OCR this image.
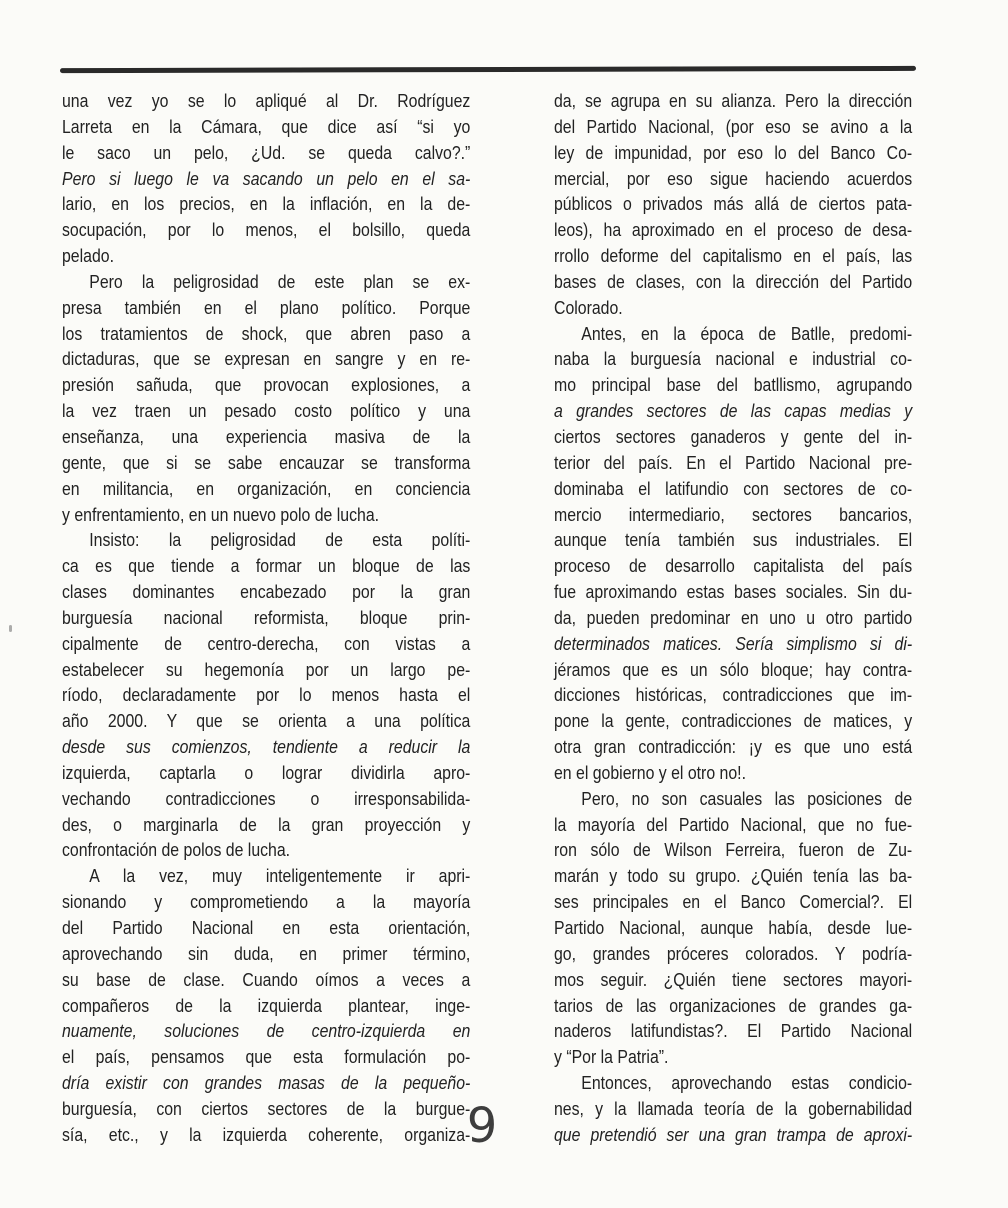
una vez yo se lo apliqué al Dr. Rodríguez
Larreta en la Cámara, que dice así “si yo
le saco un pelo, ¿Ud. se queda calvo?.”
Pero si luego le va sacando un pelo en el sa-
lario, en los precios, en la inflación, en la de-
socupación, por lo menos, el bolsillo, queda
pelado.
Pero la peligrosidad de este plan se ex-
presa también en el plano político. Porque
los tratamientos de shock, que abren paso a
dictaduras, que se expresan en sangre y en re-
presión sañuda, que provocan explosiones, a
la vez traen un pesado costo político y una
enseñanza, una experiencia masiva de la
gente, que si se sabe encauzar se transforma
en militancia, en organización, en conciencia
y enfrentamiento, en un nuevo polo de lucha.
Insisto: la peligrosidad de esta políti-
ca es que tiende a formar un bloque de las
clases dominantes encabezado por la gran
burguesía nacional reformista, bloque prin-
cipalmente de centro-derecha, con vistas a
estabelecer su hegemonía por un largo pe-
ríodo, declaradamente por lo menos hasta el
año 2000. Y que se orienta a una política
desde sus comienzos, tendiente a reducir la
izquierda, captarla o lograr dividirla apro-
vechando contradicciones o irresponsabilida-
des, o marginarla de la gran proyección y
confrontación de polos de lucha.
A la vez, muy inteligentemente ir apri-
sionando y comprometiendo a la mayoría
del Partido Nacional en esta orientación,
aprovechando sin duda, en primer término,
su base de clase. Cuando oímos a veces a
compañeros de la izquierda plantear, inge-
nuamente, soluciones de centro-izquierda en
el país, pensamos que esta formulación po-
dría existir con grandes masas de la pequeño-
burguesía, con ciertos sectores de la burgue-
sía, etc., y la izquierda coherente, organiza-
da, se agrupa en su alianza. Pero la dirección
del Partido Nacional, (por eso se avino a la
ley de impunidad, por eso lo del Banco Co-
mercial, por eso sigue haciendo acuerdos
públicos o privados más allá de ciertos pata-
leos), ha aproximado en el proceso de desa-
rrollo deforme del capitalismo en el país, las
bases de clases, con la dirección del Partido
Colorado.
Antes, en la época de Batlle, predomi-
naba la burguesía nacional e industrial co-
mo principal base del batllismo, agrupando
a grandes sectores de las capas medias y
ciertos sectores ganaderos y gente del in-
terior del país. En el Partido Nacional pre-
dominaba el latifundio con sectores de co-
mercio intermediario, sectores bancarios,
aunque tenía también sus industriales. El
proceso de desarrollo capitalista del país
fue aproximando estas bases sociales. Sin du-
da, pueden predominar en uno u otro partido
determinados matices. Sería simplismo si di-
jéramos que es un sólo bloque; hay contra-
dicciones históricas, contradicciones que im-
pone la gente, contradicciones de matices, y
otra gran contradicción: ¡y es que uno está
en el gobierno y el otro no!.
Pero, no son casuales las posiciones de
la mayoría del Partido Nacional, que no fue-
ron sólo de Wilson Ferreira, fueron de Zu-
marán y todo su grupo. ¿Quién tenía las ba-
ses principales en el Banco Comercial?. El
Partido Nacional, aunque había, desde lue-
go, grandes próceres colorados. Y podría-
mos seguir. ¿Quién tiene sectores mayori-
tarios de las organizaciones de grandes ga-
naderos latifundistas?. El Partido Nacional
y “Por la Patria”.
Entonces, aprovechando estas condicio-
nes, y la llamada teoría de la gobernabilidad
que pretendió ser una gran trampa de aproxi-
9
